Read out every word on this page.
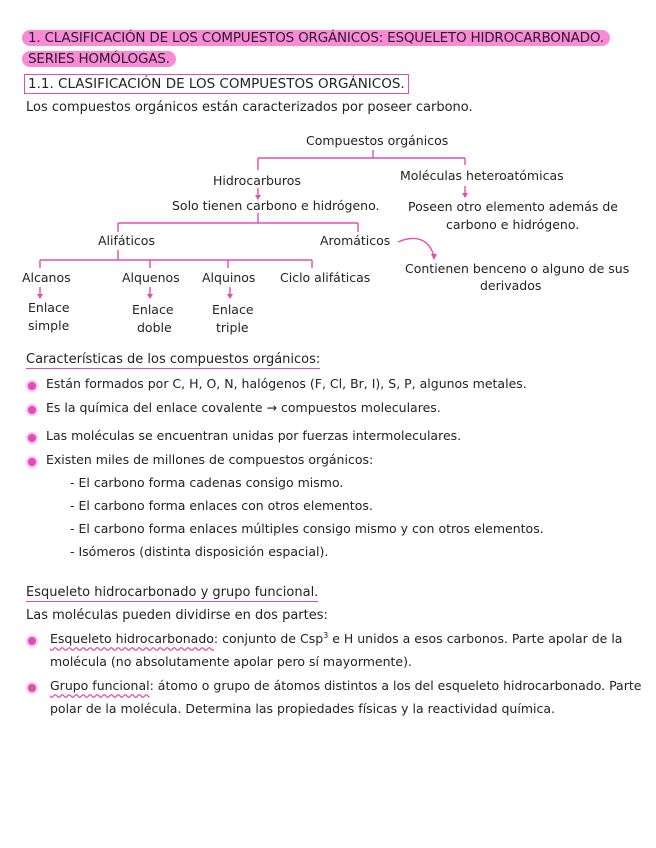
1. CLASIFICACIÓN DE LOS COMPUESTOS ORGÁNICOS: ESQUELETO HIDROCARBONADO.
SERIES HOMÓLOGAS.
1.1. CLASIFICACIÓN DE LOS COMPUESTOS ORGÁNICOS.
Los compuestos orgánicos están caracterizados por poseer carbono.
Compuestos orgánicos
Hidrocarburos
Solo tienen carbono e hidrógeno.
Moléculas heteroatómicas
Poseen otro elemento además de
carbono e hidrógeno.
Alifáticos	Aromáticos
Contienen benceno o alguno de sus
derivados
Alcanos	Alquenos Alquinos Ciclo alifáticas
Enlace
simple
Enlace
doble
Enlace
triple
Características de los compuestos orgánicos:
Están formados por C, H, O, N, halógenos (F, Cl, Br, I), S, P, algunos metales.
Es la química del enlace covalente → compuestos moleculares.
Las moléculas se encuentran unidas por fuerzas intermoleculares.
Existen miles de millones de compuestos orgánicos:
- El carbono forma cadenas consigo mismo.
- El carbono forma enlaces con otros elementos.
- El carbono forma enlaces múltiples consigo mismo y con otros elementos.
- Isómeros (distinta disposición espacial).
Esqueleto hidrocarbonado y grupo funcional.
Las moléculas pueden dividirse en dos partes:
Esqueleto hidrocarbonado: conjunto de Csp$^3$ e H unidos a esos carbonos. Parte apolar de la
molécula (no absolutamente apolar pero sí mayormente).
Grupo funcional: átomo o grupo de átomos distintos a los del esqueleto hidrocarbonado. Parte
polar de la molécula. Determina las propiedades físicas y la reactividad química.
